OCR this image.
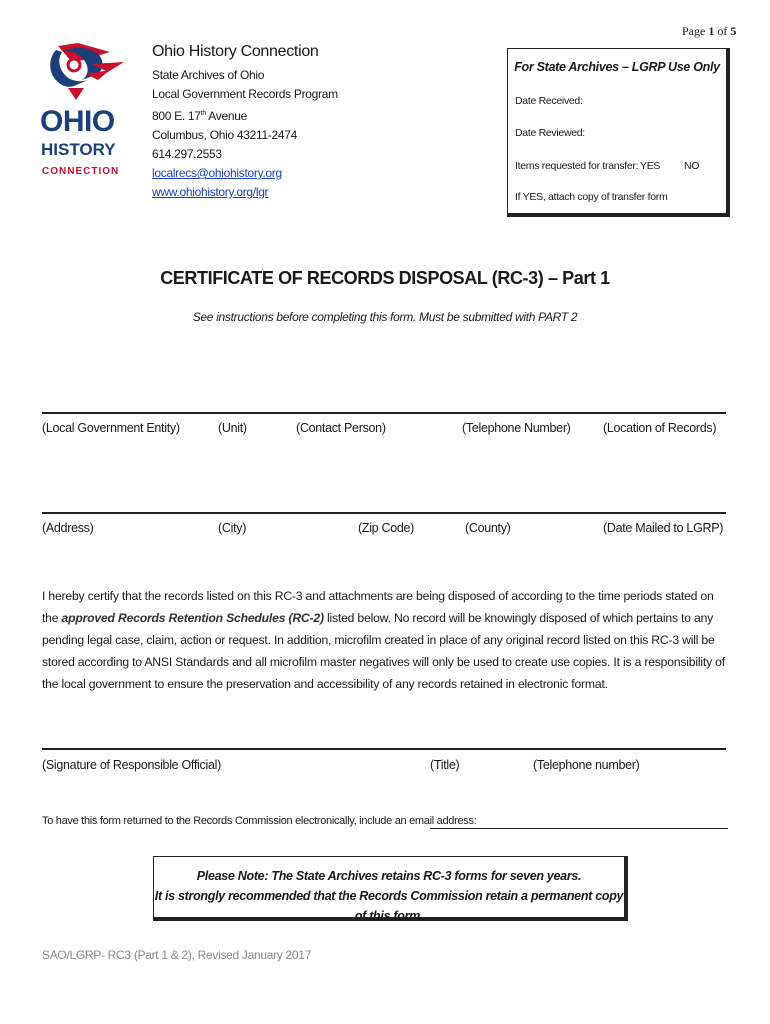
Page 1 of 5
OHIO
HISTORY
CONNECTION
Ohio History Connection
State Archives of Ohio
Local Government Records Program
800 E. 17th Avenue
Columbus, Ohio 43211-2474
614.297.2553
localrecs@ohiohistory.org
www.ohiohistory.org/lgr
For State Archives – LGRP Use Only
Date Received:
Date Reviewed:
Items requested for transfer: YES NO
If YES, attach copy of transfer form
CERTIFICATE OF RECORDS DISPOSAL (RC-3) – Part 1
See instructions before completing this form. Must be submitted with PART 2
(Local Government Entity)	(Unit)	(Contact Person)	(Telephone Number)	(Location of Records)
(Address)	(City)	(Zip Code)	(County)	(Date Mailed to LGRP)
I hereby certify that the records listed on this RC-3 and attachments are being disposed of according to the time periods stated on the approved Records Retention Schedules (RC-2) listed below. No record will be knowingly disposed of which pertains to any pending legal case, claim, action or request. In addition, microfilm created in place of any original record listed on this RC-3 will be stored according to ANSI Standards and all microfilm master negatives will only be used to create use copies. It is a responsibility of the local government to ensure the preservation and accessibility of any records retained in electronic format.
(Signature of Responsible Official)	(Title)	(Telephone number)
To have this form returned to the Records Commission electronically, include an email address:
Please Note: The State Archives retains RC-3 forms for seven years.
It is strongly recommended that the Records Commission retain a permanent copy of this form.
SAO/LGRP- RC3 (Part 1 & 2), Revised January 2017
